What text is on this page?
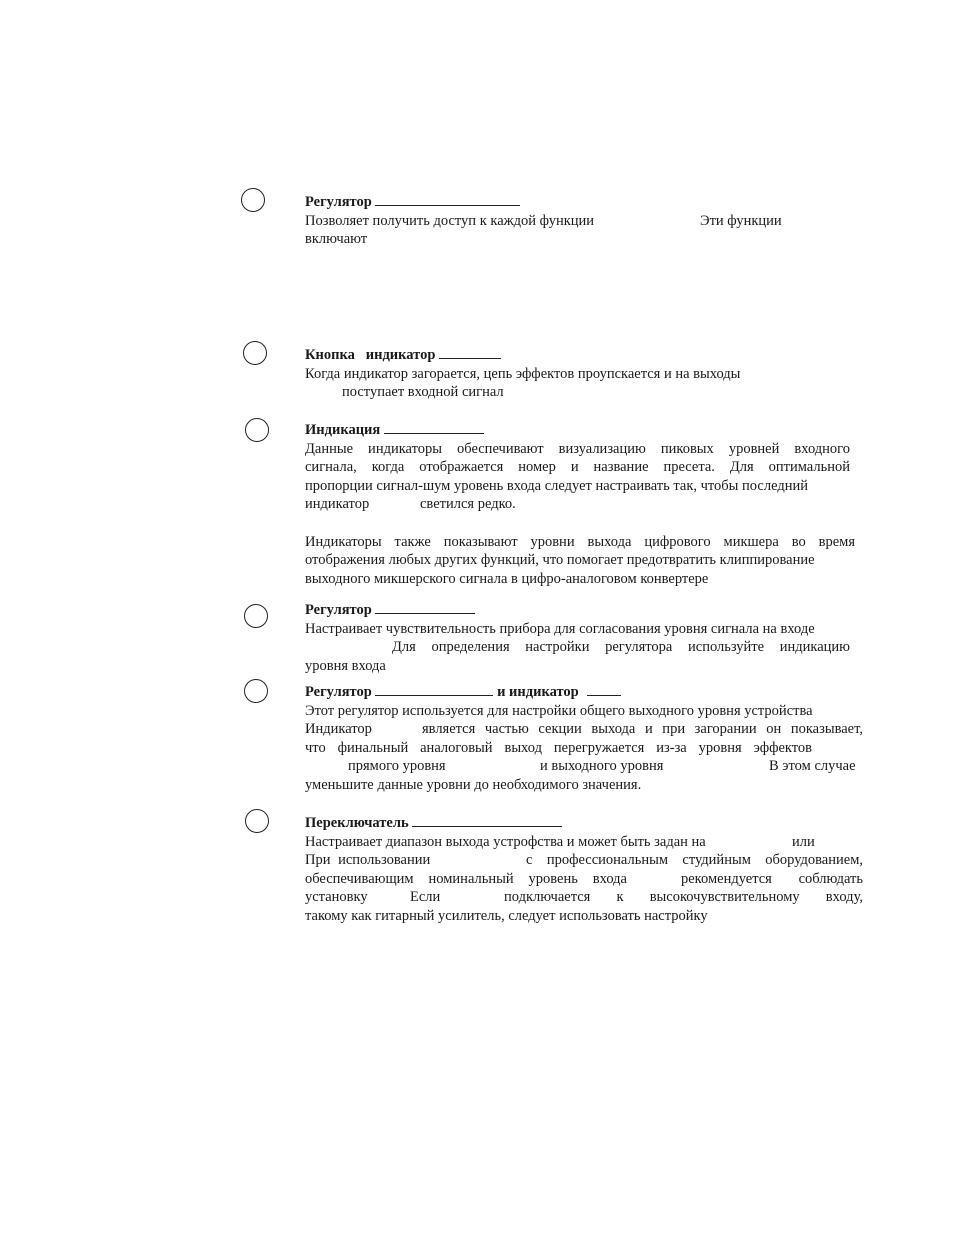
Регулятор
Позволяет получить доступ к каждой функции	Эти функции
включают
Кнопка   индикатор
Когда индикатор загорается, цепь эффектов проупскается и на выходы
поступает входной сигнал
Индикация
Данные индикаторы обеспечивают визуализацию пиковых уровней входного
сигнала, когда отображается номер и название пресета. Для оптимальной
пропорции сигнал-шум уровень входа следует настраивать так, чтобы последний
индикатор	светился редко.
Индикаторы также показывают уровни выхода цифрового микшера во время
отображения любых других функций, что помогает предотвратить клиппирование
выходного микшерского сигнала в цифро-аналоговом конвертере
Регулятор
Настраивает чувствительность прибора для согласования уровня сигнала на входе
Для определения настройки регулятора используйте индикацию
уровня входа
Регулятор	и индикатор
Этот регулятор используется для настройки общего выходного уровня устройства
Индикатор	является частью секции выхода и при загорании он показывает,
что финальный аналоговый выход перегружается из-за уровня эффектов
прямого уровня	и выходного уровня	В этом случае
уменьшите данные уровни до необходимого значения.
Переключатель
Настраивает диапазон выхода устрофства и может быть задан на	или
При использовании	с профессиональным студийным оборудованием,
обеспечивающим номинальный уровень входа	рекомендуется соблюдать
установку	Если	подключается к высокочувствительному входу,
такому как гитарный усилитель, следует использовать настройку
